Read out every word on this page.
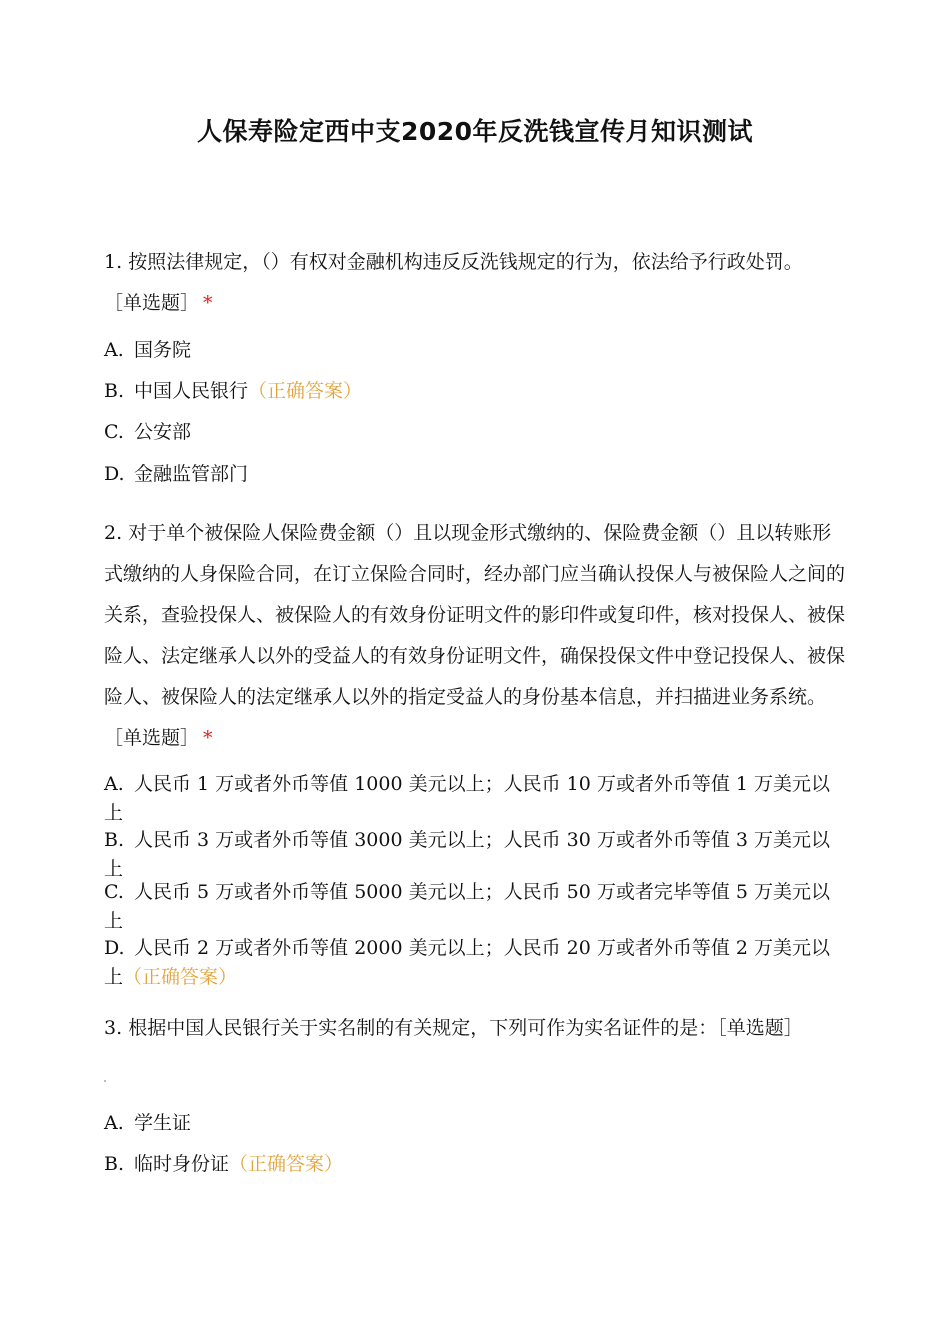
人保寿险定西中支2020年反洗钱宣传月知识测试
1. 按照法律规定，（）有权对金融机构违反反洗钱规定的行为，依法给予行政处罚。
［单选题］ *
A. 国务院
B. 中国人民银行（正确答案）
C. 公安部
D. 金融监管部门
2. 对于单个被保险人保险费金额（）且以现金形式缴纳的、保险费金额（）且以转账形式缴纳的人身保险合同，在订立保险合同时，经办部门应当确认投保人与被保险人之间的关系，查验投保人、被保险人的有效身份证明文件的影印件或复印件，核对投保人、被保险人、法定继承人以外的受益人的有效身份证明文件，确保投保文件中登记投保人、被保险人、被保险人的法定继承人以外的指定受益人的身份基本信息，并扫描进业务系统。［单选题］ *
A. 人民币 1 万或者外币等值 1000 美元以上；人民币 10 万或者外币等值 1 万美元以上
B. 人民币 3 万或者外币等值 3000 美元以上；人民币 30 万或者外币等值 3 万美元以上
C. 人民币 5 万或者外币等值 5000 美元以上；人民币 50 万或者完毕等值 5 万美元以上
D. 人民币 2 万或者外币等值 2000 美元以上；人民币 20 万或者外币等值 2 万美元以上（正确答案）
3. 根据中国人民银行关于实名制的有关规定，下列可作为实名证件的是：［单选题］
A. 学生证
B. 临时身份证（正确答案）
